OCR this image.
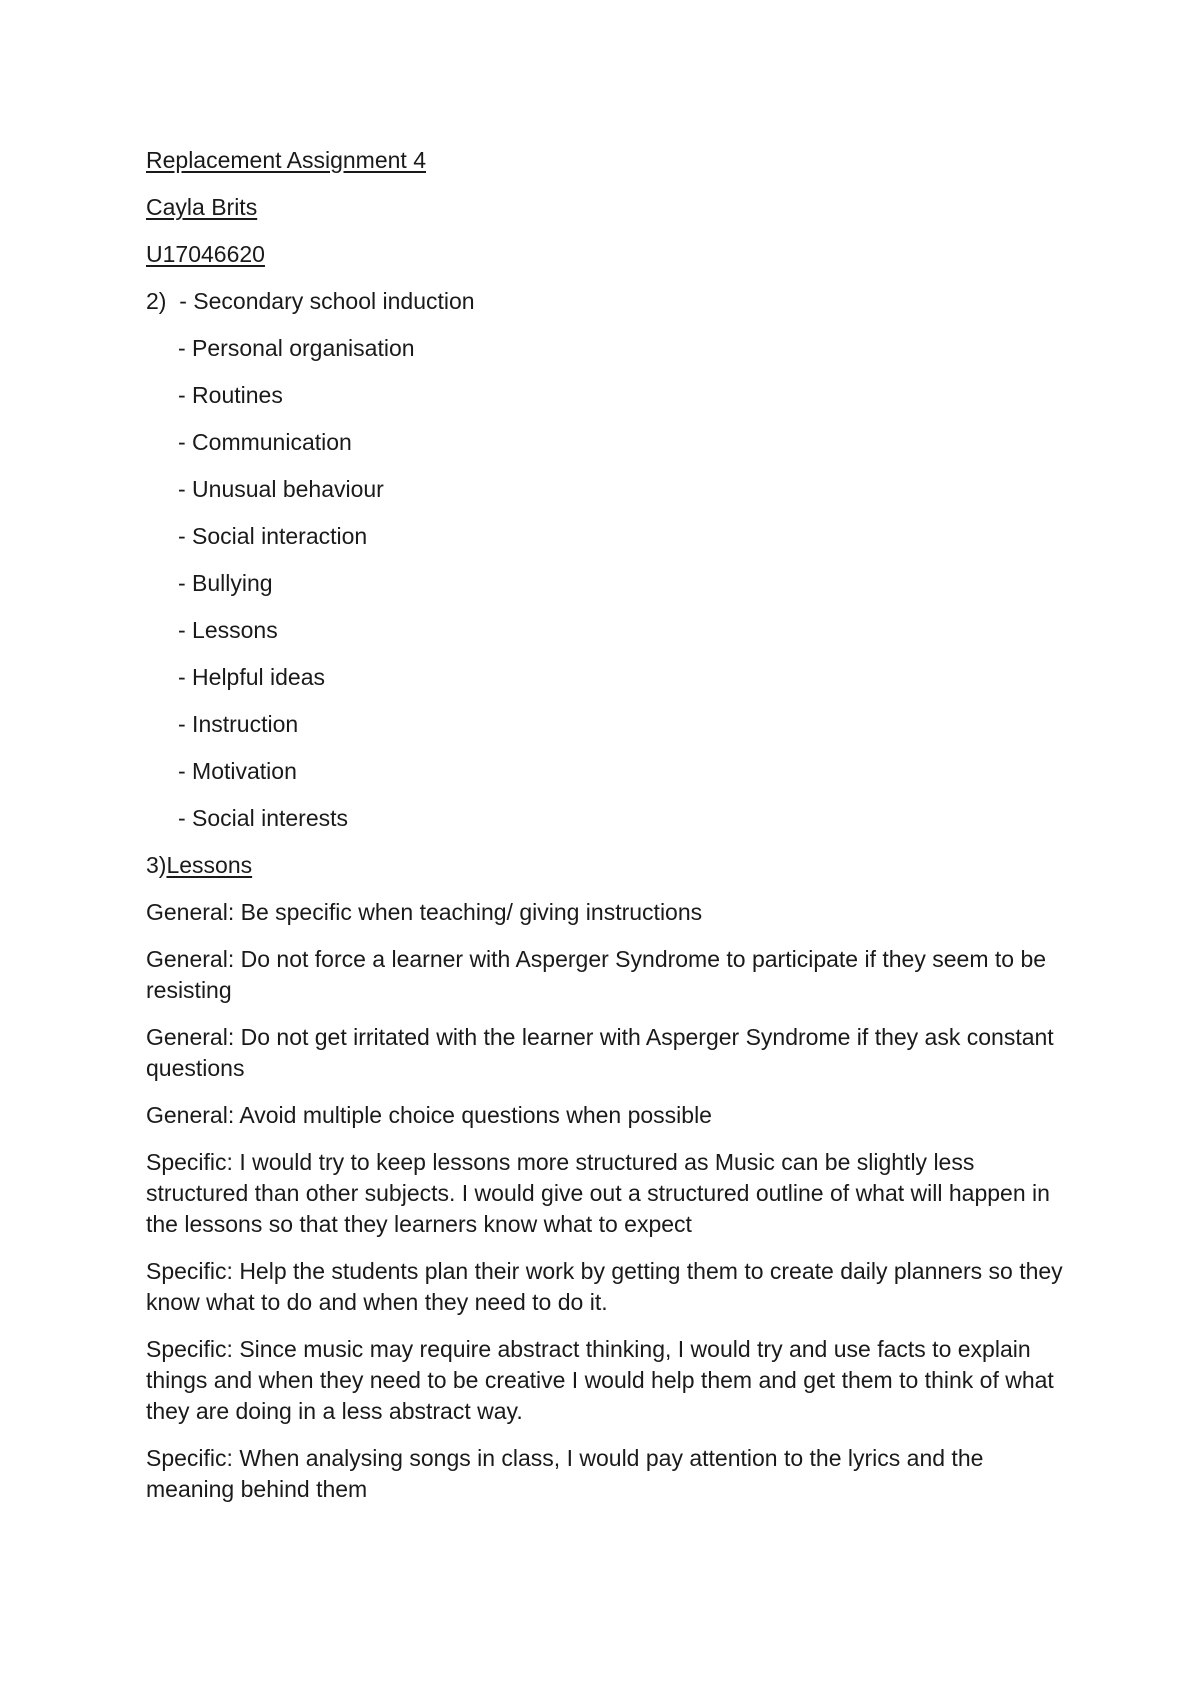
Replacement Assignment 4
Cayla Brits
U17046620
2) - Secondary school induction
- Personal organisation
- Routines
- Communication
- Unusual behaviour
- Social interaction
- Bullying
- Lessons
- Helpful ideas
- Instruction
- Motivation
- Social interests
3)Lessons
General: Be specific when teaching/ giving instructions
General: Do not force a learner with Asperger Syndrome to participate if they seem to be resisting
General: Do not get irritated with the learner with Asperger Syndrome if they ask constant questions
General: Avoid multiple choice questions when possible
Specific: I would try to keep lessons more structured as Music can be slightly less structured than other subjects. I would give out a structured outline of what will happen in the lessons so that they learners know what to expect
Specific: Help the students plan their work by getting them to create daily planners so they know what to do and when they need to do it.
Specific: Since music may require abstract thinking, I would try and use facts to explain things and when they need to be creative I would help them and get them to think of what they are doing in a less abstract way.
Specific: When analysing songs in class, I would pay attention to the lyrics and the meaning behind them
